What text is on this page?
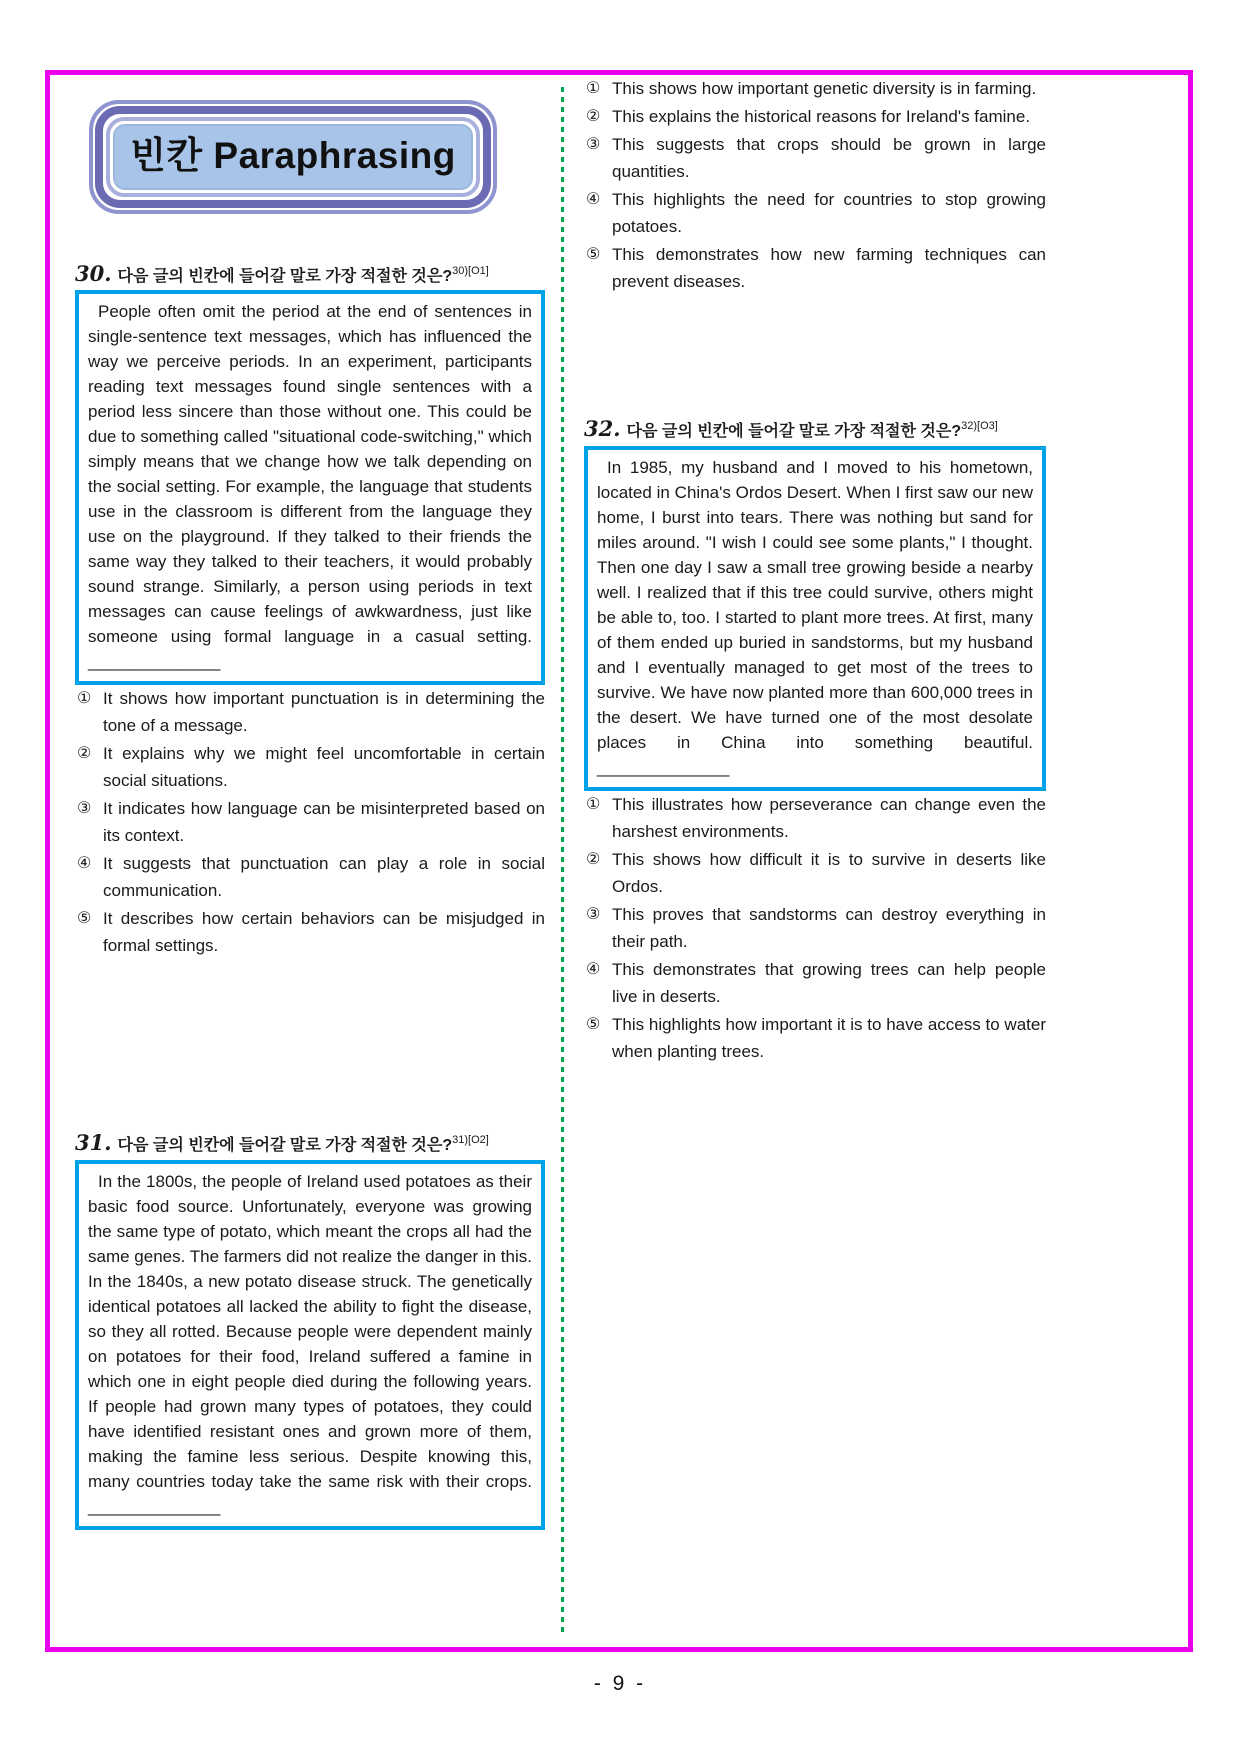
빈칸 Paraphrasing
30. 다음 글의 빈칸에 들어갈 말로 가장 적절한 것은?$^{30)[O1]}$

People often omit the period at the end of sentences in single-sentence text messages, which has influenced the way we perceive periods. In an experiment, participants reading text messages found single sentences with a period less sincere than those without one. This could be due to something called "situational code-switching," which simply means that we change how we talk depending on the social setting. For example, the language that students use in the classroom is different from the language they use on the playground. If they talked to their friends the same way they talked to their teachers, it would probably sound strange. Similarly, a person using periods in text messages can cause feelings of awkwardness, just like someone using formal language in a casual setting. ______________

① It shows how important punctuation is in determining the tone of a message.
② It explains why we might feel uncomfortable in certain social situations.
③ It indicates how language can be misinterpreted based on its context.
④ It suggests that punctuation can play a role in social communication.
⑤ It describes how certain behaviors can be misjudged in formal settings.
31. 다음 글의 빈칸에 들어갈 말로 가장 적절한 것은?$^{31)[O2]}$

In the 1800s, the people of Ireland used potatoes as their basic food source. Unfortunately, everyone was growing the same type of potato, which meant the crops all had the same genes. The farmers did not realize the danger in this. In the 1840s, a new potato disease struck. The genetically identical potatoes all lacked the ability to fight the disease, so they all rotted. Because people were dependent mainly on potatoes for their food, Ireland suffered a famine in which one in eight people died during the following years. If people had grown many types of potatoes, they could have identified resistant ones and grown more of them, making the famine less serious. Despite knowing this, many countries today take the same risk with their crops. ______________

① This shows how important genetic diversity is in farming.
② This explains the historical reasons for Ireland's famine.
③ This suggests that crops should be grown in large quantities.
④ This highlights the need for countries to stop growing potatoes.
⑤ This demonstrates how new farming techniques can prevent diseases.
32. 다음 글의 빈칸에 들어갈 말로 가장 적절한 것은?$^{32)[O3]}$

In 1985, my husband and I moved to his hometown, located in China's Ordos Desert. When I first saw our new home, I burst into tears. There was nothing but sand for miles around. "I wish I could see some plants," I thought. Then one day I saw a small tree growing beside a nearby well. I realized that if this tree could survive, others might be able to, too. I started to plant more trees. At first, many of them ended up buried in sandstorms, but my husband and I eventually managed to get most of the trees to survive. We have now planted more than 600,000 trees in the desert. We have turned one of the most desolate places in China into something beautiful. ______________

① This illustrates how perseverance can change even the harshest environments.
② This shows how difficult it is to survive in deserts like Ordos.
③ This proves that sandstorms can destroy everything in their path.
④ This demonstrates that growing trees can help people live in deserts.
⑤ This highlights how important it is to have access to water when planting trees.
- 9 -
